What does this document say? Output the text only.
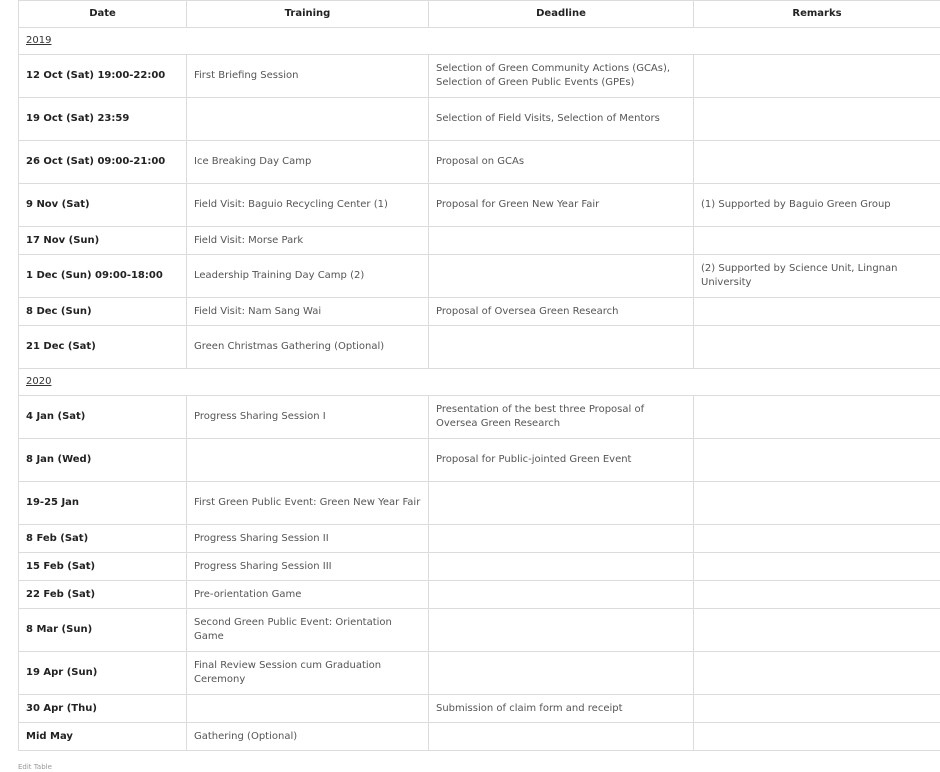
Date	Training	Deadline	Remarks
2019			
12 Oct (Sat) 19:00-22:00	First Briefing Session	Selection of Green Community Actions (GCAs), Selection of Green Public Events (GPEs)	
19 Oct (Sat) 23:59		Selection of Field Visits, Selection of Mentors	
26 Oct (Sat) 09:00-21:00	Ice Breaking Day Camp	Proposal on GCAs	
9 Nov (Sat)	Field Visit: Baguio Recycling Center (1)	Proposal for Green New Year Fair	(1) Supported by Baguio Green Group
17 Nov (Sun)	Field Visit: Morse Park		
1 Dec (Sun) 09:00-18:00	Leadership Training Day Camp (2)		(2) Supported by Science Unit, Lingnan University
8 Dec (Sun)	Field Visit: Nam Sang Wai	Proposal of Oversea Green Research	
21 Dec (Sat)	Green Christmas Gathering (Optional)		
2020			
4 Jan (Sat)	Progress Sharing Session I	Presentation of the best three Proposal of Oversea Green Research	
8 Jan (Wed)		Proposal for Public-jointed Green Event	
19-25 Jan	First Green Public Event: Green New Year Fair		
8 Feb (Sat)	Progress Sharing Session II		
15 Feb (Sat)	Progress Sharing Session III		
22 Feb (Sat)	Pre-orientation Game		
8 Mar (Sun)	Second Green Public Event: Orientation Game		
19 Apr (Sun)	Final Review Session cum Graduation Ceremony		
30 Apr (Thu)		Submission of claim form and receipt	
Mid May	Gathering (Optional)		
Edit Table
